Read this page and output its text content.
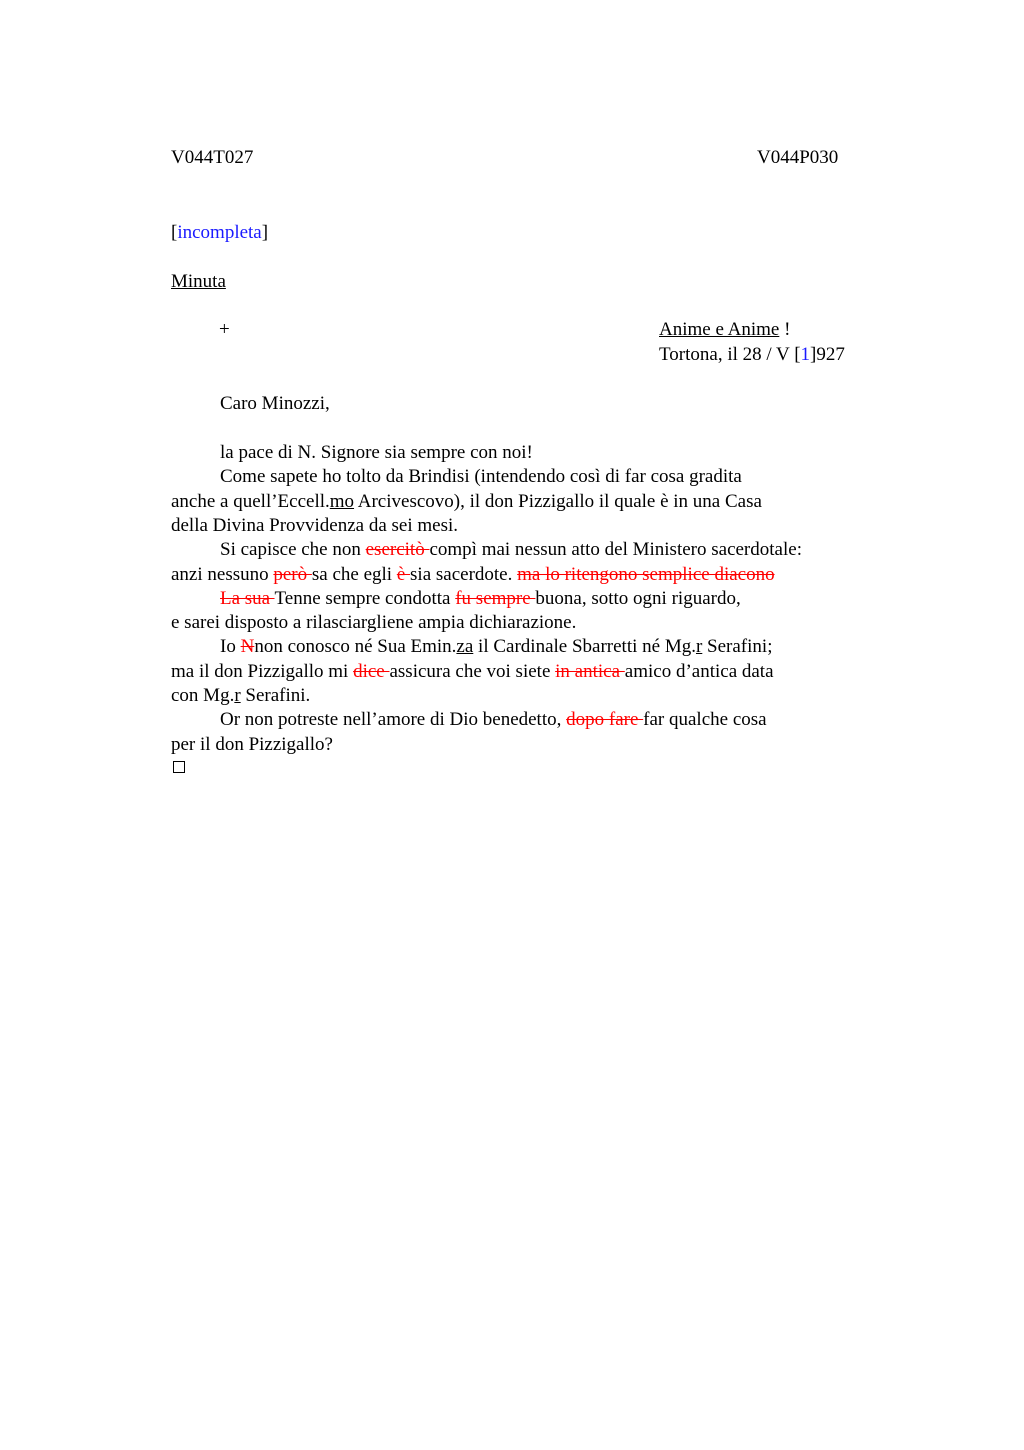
V044T027	V044P030
[incompleta]
Minuta
+	Anime e Anime !
Tortona, il 28 / V [1]927
Caro Minozzi,
la pace di N. Signore sia sempre con noi!
Come sapete ho tolto da Brindisi (intendendo così di far cosa gradita
anche a quell’Eccell.mo Arcivescovo), il don Pizzigallo il quale è in una Casa
della Divina Provvidenza da sei mesi.
Si capisce che non esercitò compì mai nessun atto del Ministero sacerdotale:
anzi nessuno però sa che egli è sia sacerdote. ma lo ritengono semplice diacono
La sua Tenne sempre condotta fu sempre buona, sotto ogni riguardo,
e sarei disposto a rilasciargliene ampia dichiarazione.
Io Nnon conosco né Sua Emin.za il Cardinale Sbarretti né Mg.r Serafini;
ma il don Pizzigallo mi dice assicura che voi siete in antica amico d’antica data
con Mg.r Serafini.
Or non potreste nell’amore di Dio benedetto, dopo fare far qualche cosa
per il don Pizzigallo?
